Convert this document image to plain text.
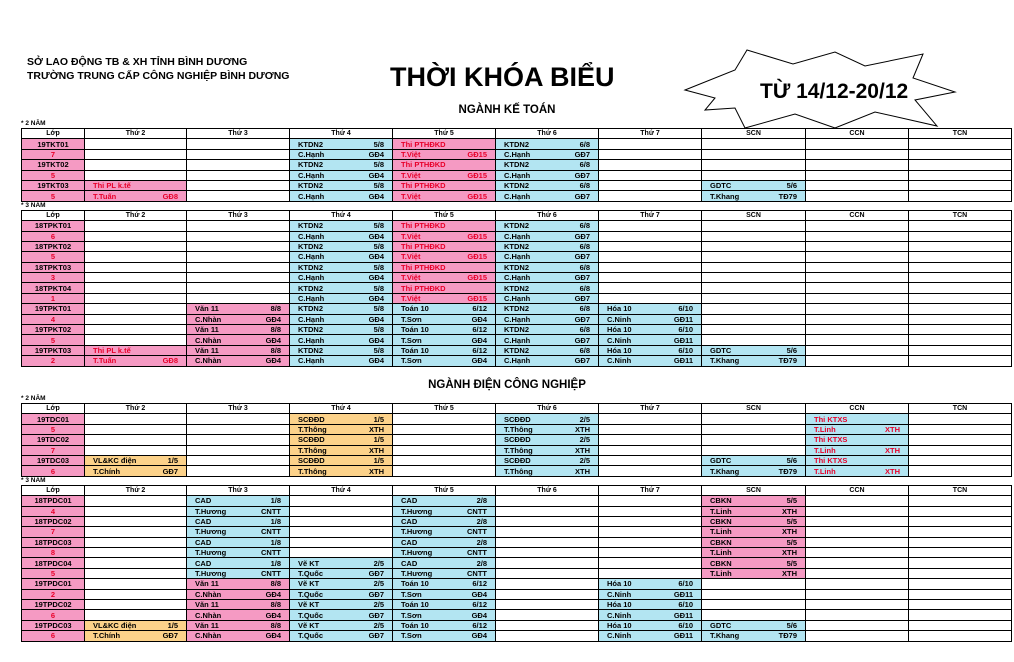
SỞ LAO ĐỘNG TB & XH TỈNH BÌNH DƯƠNG
TRƯỜNG TRUNG CẤP CÔNG NGHIỆP BÌNH DƯƠNG	THỜI KHÓA BIỂU	TỪ 14/12-20/12
NGÀNH KẾ TOÁN
* 2 NĂM
Lớp	Thứ 2	Thứ 3	Thứ 4	Thứ 5	Thứ 6	Thứ 7	SCN	CCN	TCN
19TKT01			KTDN2 5/8	Thi PTHĐKD	KTDN2 6/8				

7			C.Hạnh GĐ4	T.Việt GĐ15	C.Hạnh GĐ7				

19TKT02			KTDN2 5/8	Thi PTHĐKD	KTDN2 6/8				

5			C.Hạnh GĐ4	T.Việt GĐ15	C.Hạnh GĐ7				

19TKT03	Thi PL k.tế		KTDN2 5/8	Thi PTHĐKD	KTDN2 6/8		GDTC 5/6		

5	T.Tuấn GĐ8		C.Hạnh GĐ4	T.Việt GĐ15	C.Hạnh GĐ7		T.Khang TĐ79		

* 3 NĂM
Lớp	Thứ 2	Thứ 3	Thứ 4	Thứ 5	Thứ 6	Thứ 7	SCN	CCN	TCN
18TPKT01			KTDN2 5/8	Thi PTHĐKD	KTDN2 6/8				

6			C.Hạnh GĐ4	T.Việt GĐ15	C.Hạnh GĐ7				

18TPKT02			KTDN2 5/8	Thi PTHĐKD	KTDN2 6/8				

5			C.Hạnh GĐ4	T.Việt GĐ15	C.Hạnh GĐ7				

18TPKT03			KTDN2 5/8	Thi PTHĐKD	KTDN2 6/8				

3			C.Hạnh GĐ4	T.Việt GĐ15	C.Hạnh GĐ7				

18TPKT04			KTDN2 5/8	Thi PTHĐKD	KTDN2 6/8				

1			C.Hạnh GĐ4	T.Việt GĐ15	C.Hạnh GĐ7				

19TPKT01		Văn 11 8/8	KTDN2 5/8	Toán 10 6/12	KTDN2 6/8	Hóa 10 6/10			

4		C.Nhàn GĐ4	C.Hạnh GĐ4	T.Sơn GĐ4	C.Hạnh GĐ7	C.Ninh GĐ11			

19TPKT02		Văn 11 8/8	KTDN2 5/8	Toán 10 6/12	KTDN2 6/8	Hóa 10 6/10			

5		C.Nhàn GĐ4	C.Hạnh GĐ4	T.Sơn GĐ4	C.Hạnh GĐ7	C.Ninh GĐ11			

19TPKT03	Thi PL k.tế	Văn 11 8/8	KTDN2 5/8	Toán 10 6/12	KTDN2 6/8	Hóa 10 6/10	GDTC 5/6		

2	T.Tuấn GĐ8	C.Nhàn GĐ4	C.Hạnh GĐ4	T.Sơn GĐ4	C.Hạnh GĐ7	C.Ninh GĐ11	T.Khang TĐ79		

NGÀNH ĐIỆN CÔNG NGHIỆP
* 2 NĂM
Lớp	Thứ 2	Thứ 3	Thứ 4	Thứ 5	Thứ 6	Thứ 7	SCN	CCN	TCN
19TDC01			SCĐĐD 1/5		SCĐĐD 2/5			Thi KTXS	

5			T.Thông XTH		T.Thông XTH			T.Linh XTH	

19TDC02			SCĐĐD 1/5		SCĐĐD 2/5			Thi KTXS	

7			T.Thông XTH		T.Thông XTH			T.Linh XTH	

19TDC03	VL&KC điện 1/5		SCĐĐD 1/5		SCĐĐD 2/5		GDTC 5/6	Thi KTXS	

6	T.Chính GĐ7		T.Thông XTH		T.Thông XTH		T.Khang TĐ79	T.Linh XTH	

* 3 NĂM
Lớp	Thứ 2	Thứ 3	Thứ 4	Thứ 5	Thứ 6	Thứ 7	SCN	CCN	TCN
18TPDC01		CAD 1/8		CAD 2/8			CBKN 5/5		

4		T.Hương CNTT		T.Hương CNTT			T.Linh XTH		

18TPDC02		CAD 1/8		CAD 2/8			CBKN 5/5		

7		T.Hương CNTT		T.Hương CNTT			T.Linh XTH		

18TPDC03		CAD 1/8		CAD 2/8			CBKN 5/5		

8		T.Hương CNTT		T.Hương CNTT			T.Linh XTH		

18TPDC04		CAD 1/8	Vẽ KT 2/5	CAD 2/8			CBKN 5/5		

5		T.Hương CNTT	T.Quốc GĐ7	T.Hương CNTT			T.Linh XTH		

19TPDC01		Văn 11 8/8	Vẽ KT 2/5	Toán 10 6/12		Hóa 10 6/10			

2		C.Nhàn GĐ4	T.Quốc GĐ7	T.Sơn GĐ4		C.Ninh GĐ11			

19TPDC02		Văn 11 8/8	Vẽ KT 2/5	Toán 10 6/12		Hóa 10 6/10			

6		C.Nhàn GĐ4	T.Quốc GĐ7	T.Sơn GĐ4		C.Ninh GĐ11			

19TPDC03	VL&KC điện 1/5	Văn 11 8/8	Vẽ KT 2/5	Toán 10 6/12		Hóa 10 6/10	GDTC 5/6		

6	T.Chính GĐ7	C.Nhàn GĐ4	T.Quốc GĐ7	T.Sơn GĐ4		C.Ninh GĐ11	T.Khang TĐ79		
